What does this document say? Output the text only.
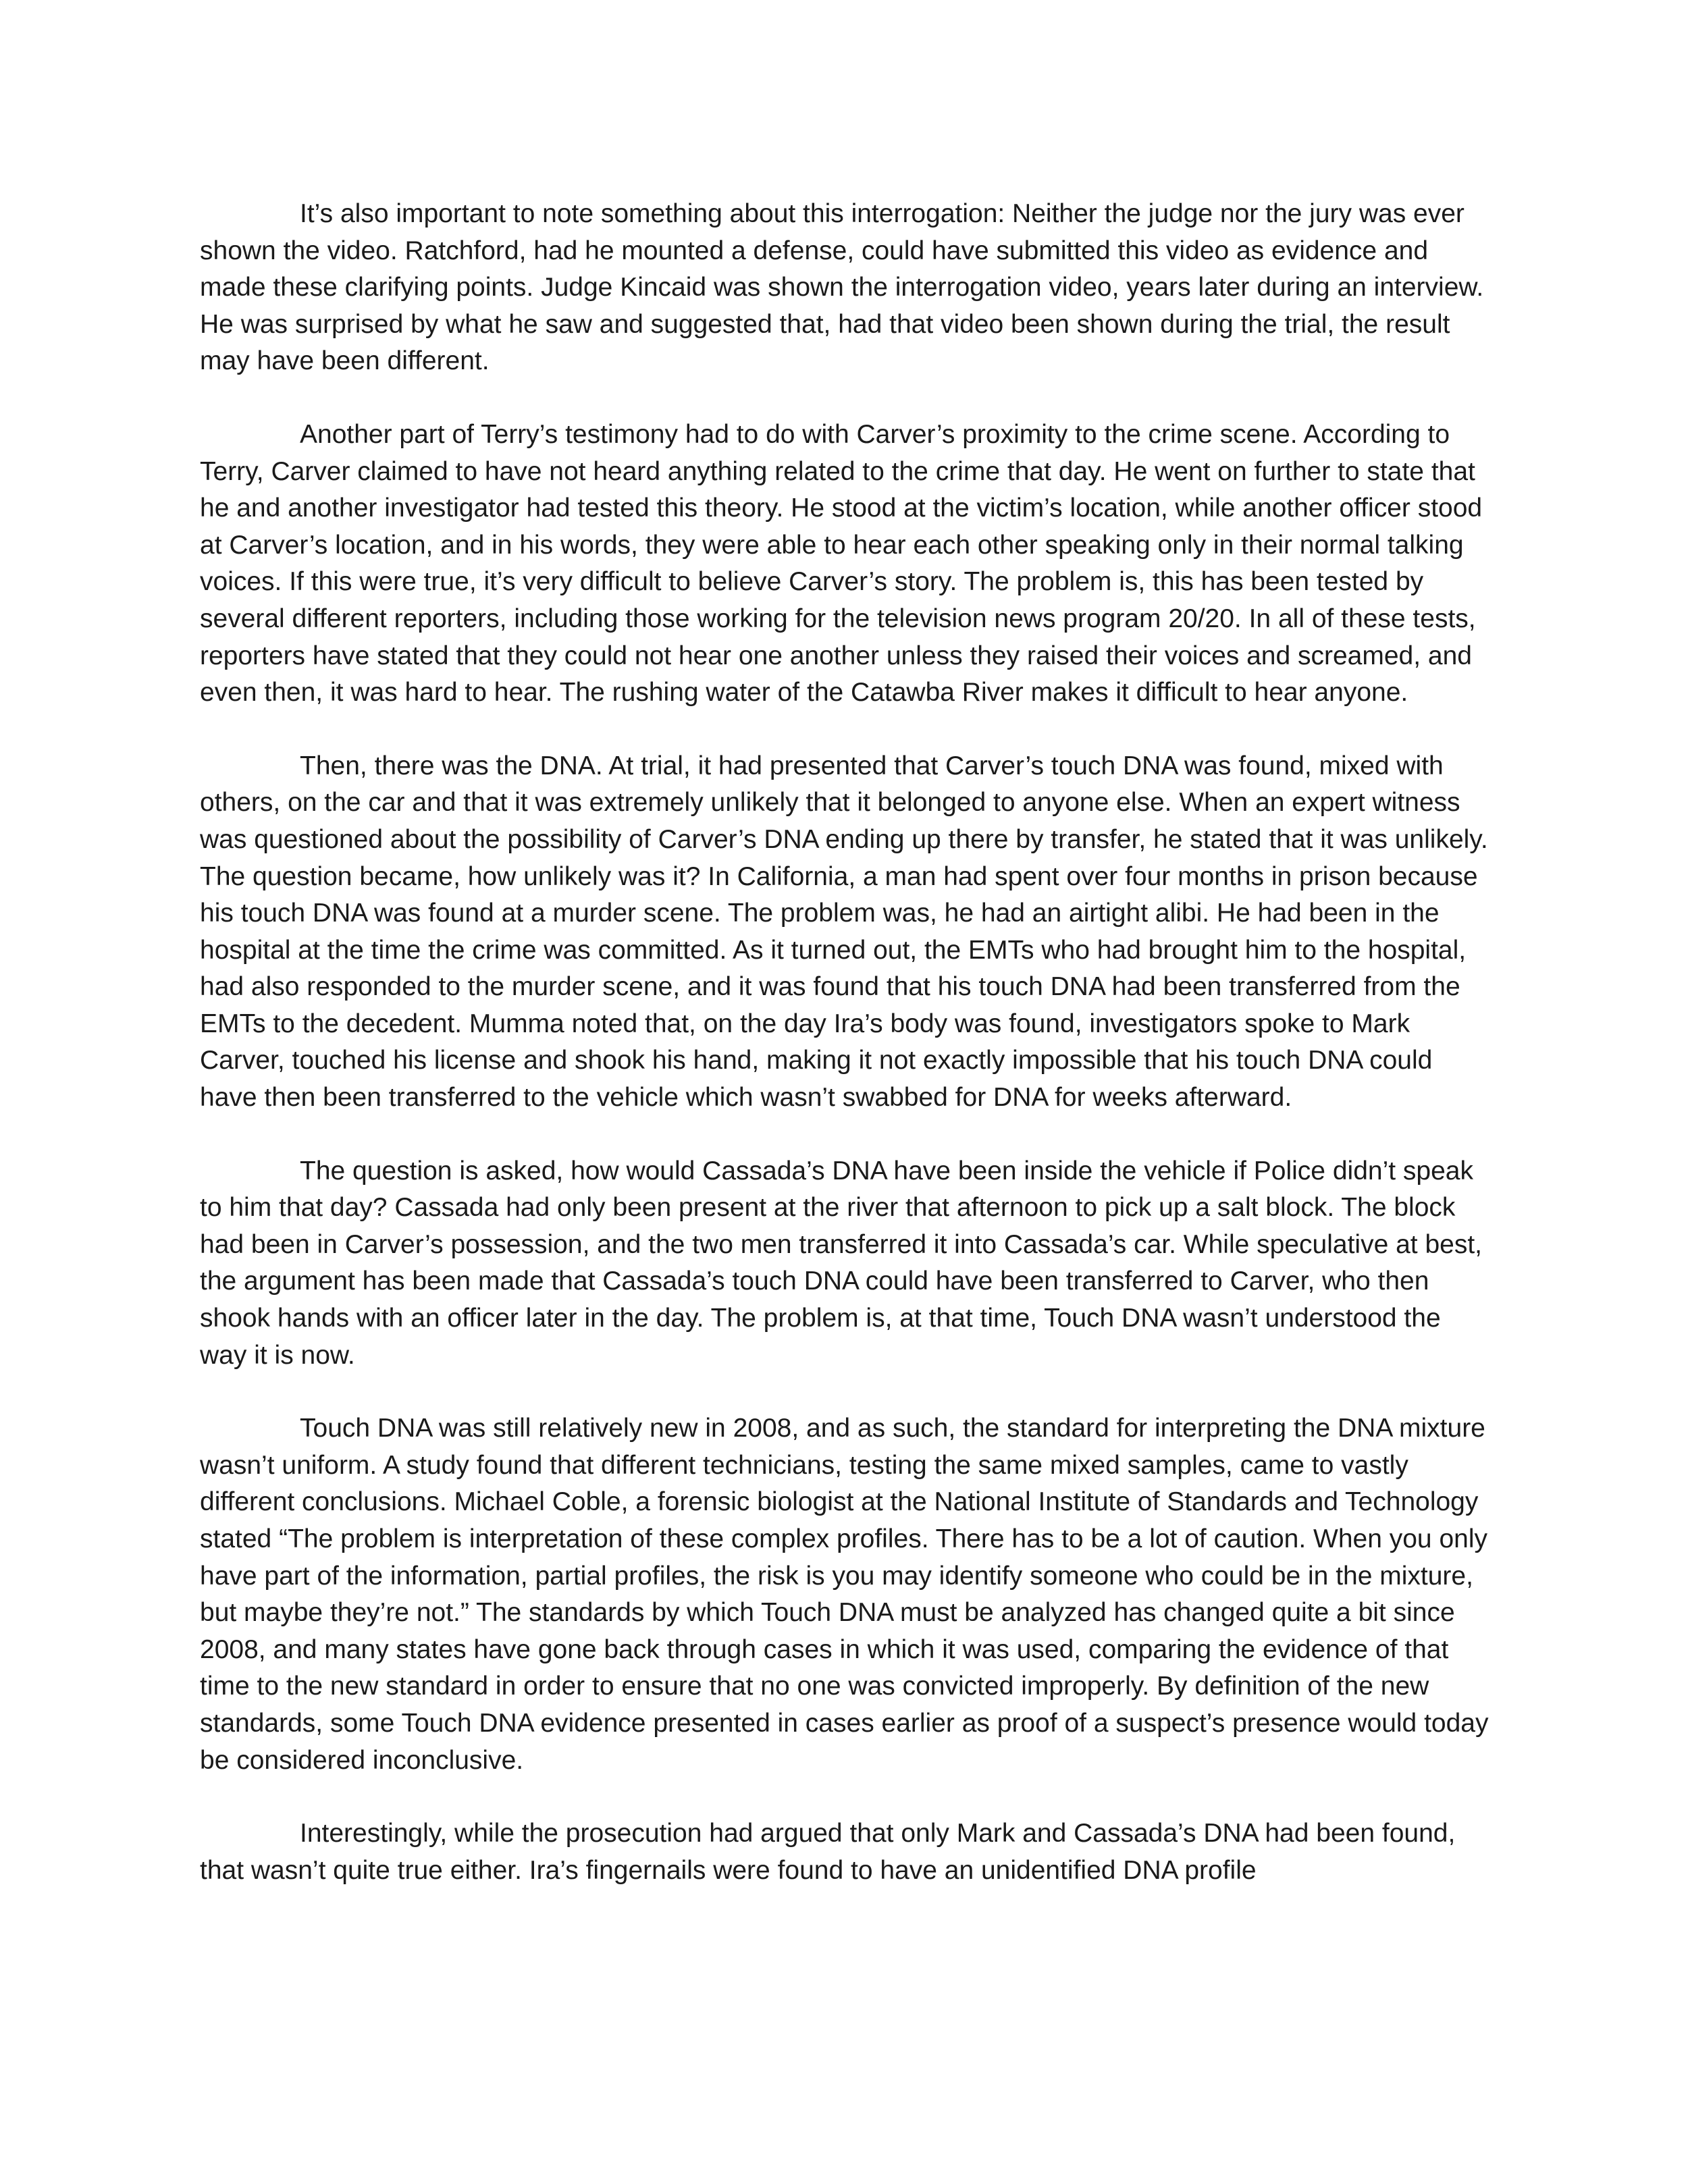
It’s also important to note something about this interrogation: Neither the judge nor the jury was ever shown the video. Ratchford, had he mounted a defense, could have submitted this video as evidence and made these clarifying points. Judge Kincaid was shown the interrogation video, years later during an interview. He was surprised by what he saw and suggested that, had that video been shown during the trial, the result may have been different.

Another part of Terry’s testimony had to do with Carver’s proximity to the crime scene. According to Terry, Carver claimed to have not heard anything related to the crime that day. He went on further to state that he and another investigator had tested this theory. He stood at the victim’s location, while another officer stood at Carver’s location, and in his words, they were able to hear each other speaking only in their normal talking voices. If this were true, it’s very difficult to believe Carver’s story. The problem is, this has been tested by several different reporters, including those working for the television news program 20/20. In all of these tests, reporters have stated that they could not hear one another unless they raised their voices and screamed, and even then, it was hard to hear. The rushing water of the Catawba River makes it difficult to hear anyone.

Then, there was the DNA. At trial, it had presented that Carver’s touch DNA was found, mixed with others, on the car and that it was extremely unlikely that it belonged to anyone else. When an expert witness was questioned about the possibility of Carver’s DNA ending up there by transfer, he stated that it was unlikely. The question became, how unlikely was it? In California, a man had spent over four months in prison because his touch DNA was found at a murder scene. The problem was, he had an airtight alibi. He had been in the hospital at the time the crime was committed. As it turned out, the EMTs who had brought him to the hospital, had also responded to the murder scene, and it was found that his touch DNA had been transferred from the EMTs to the decedent. Mumma noted that, on the day Ira’s body was found, investigators spoke to Mark Carver, touched his license and shook his hand, making it not exactly impossible that his touch DNA could have then been transferred to the vehicle which wasn’t swabbed for DNA for weeks afterward.

The question is asked, how would Cassada’s DNA have been inside the vehicle if Police didn’t speak to him that day? Cassada had only been present at the river that afternoon to pick up a salt block. The block had been in Carver’s possession, and the two men transferred it into Cassada’s car. While speculative at best, the argument has been made that Cassada’s touch DNA could have been transferred to Carver, who then shook hands with an officer later in the day. The problem is, at that time, Touch DNA wasn’t understood the way it is now.

Touch DNA was still relatively new in 2008, and as such, the standard for interpreting the DNA mixture wasn’t uniform. A study found that different technicians, testing the same mixed samples, came to vastly different conclusions. Michael Coble, a forensic biologist at the National Institute of Standards and Technology stated “The problem is interpretation of these complex profiles. There has to be a lot of caution. When you only have part of the information, partial profiles, the risk is you may identify someone who could be in the mixture, but maybe they’re not.” The standards by which Touch DNA must be analyzed has changed quite a bit since 2008, and many states have gone back through cases in which it was used, comparing the evidence of that time to the new standard in order to ensure that no one was convicted improperly. By definition of the new standards, some Touch DNA evidence presented in cases earlier as proof of a suspect’s presence would today be considered inconclusive.

Interestingly, while the prosecution had argued that only Mark and Cassada’s DNA had been found, that wasn’t quite true either. Ira’s fingernails were found to have an unidentified DNA profile
